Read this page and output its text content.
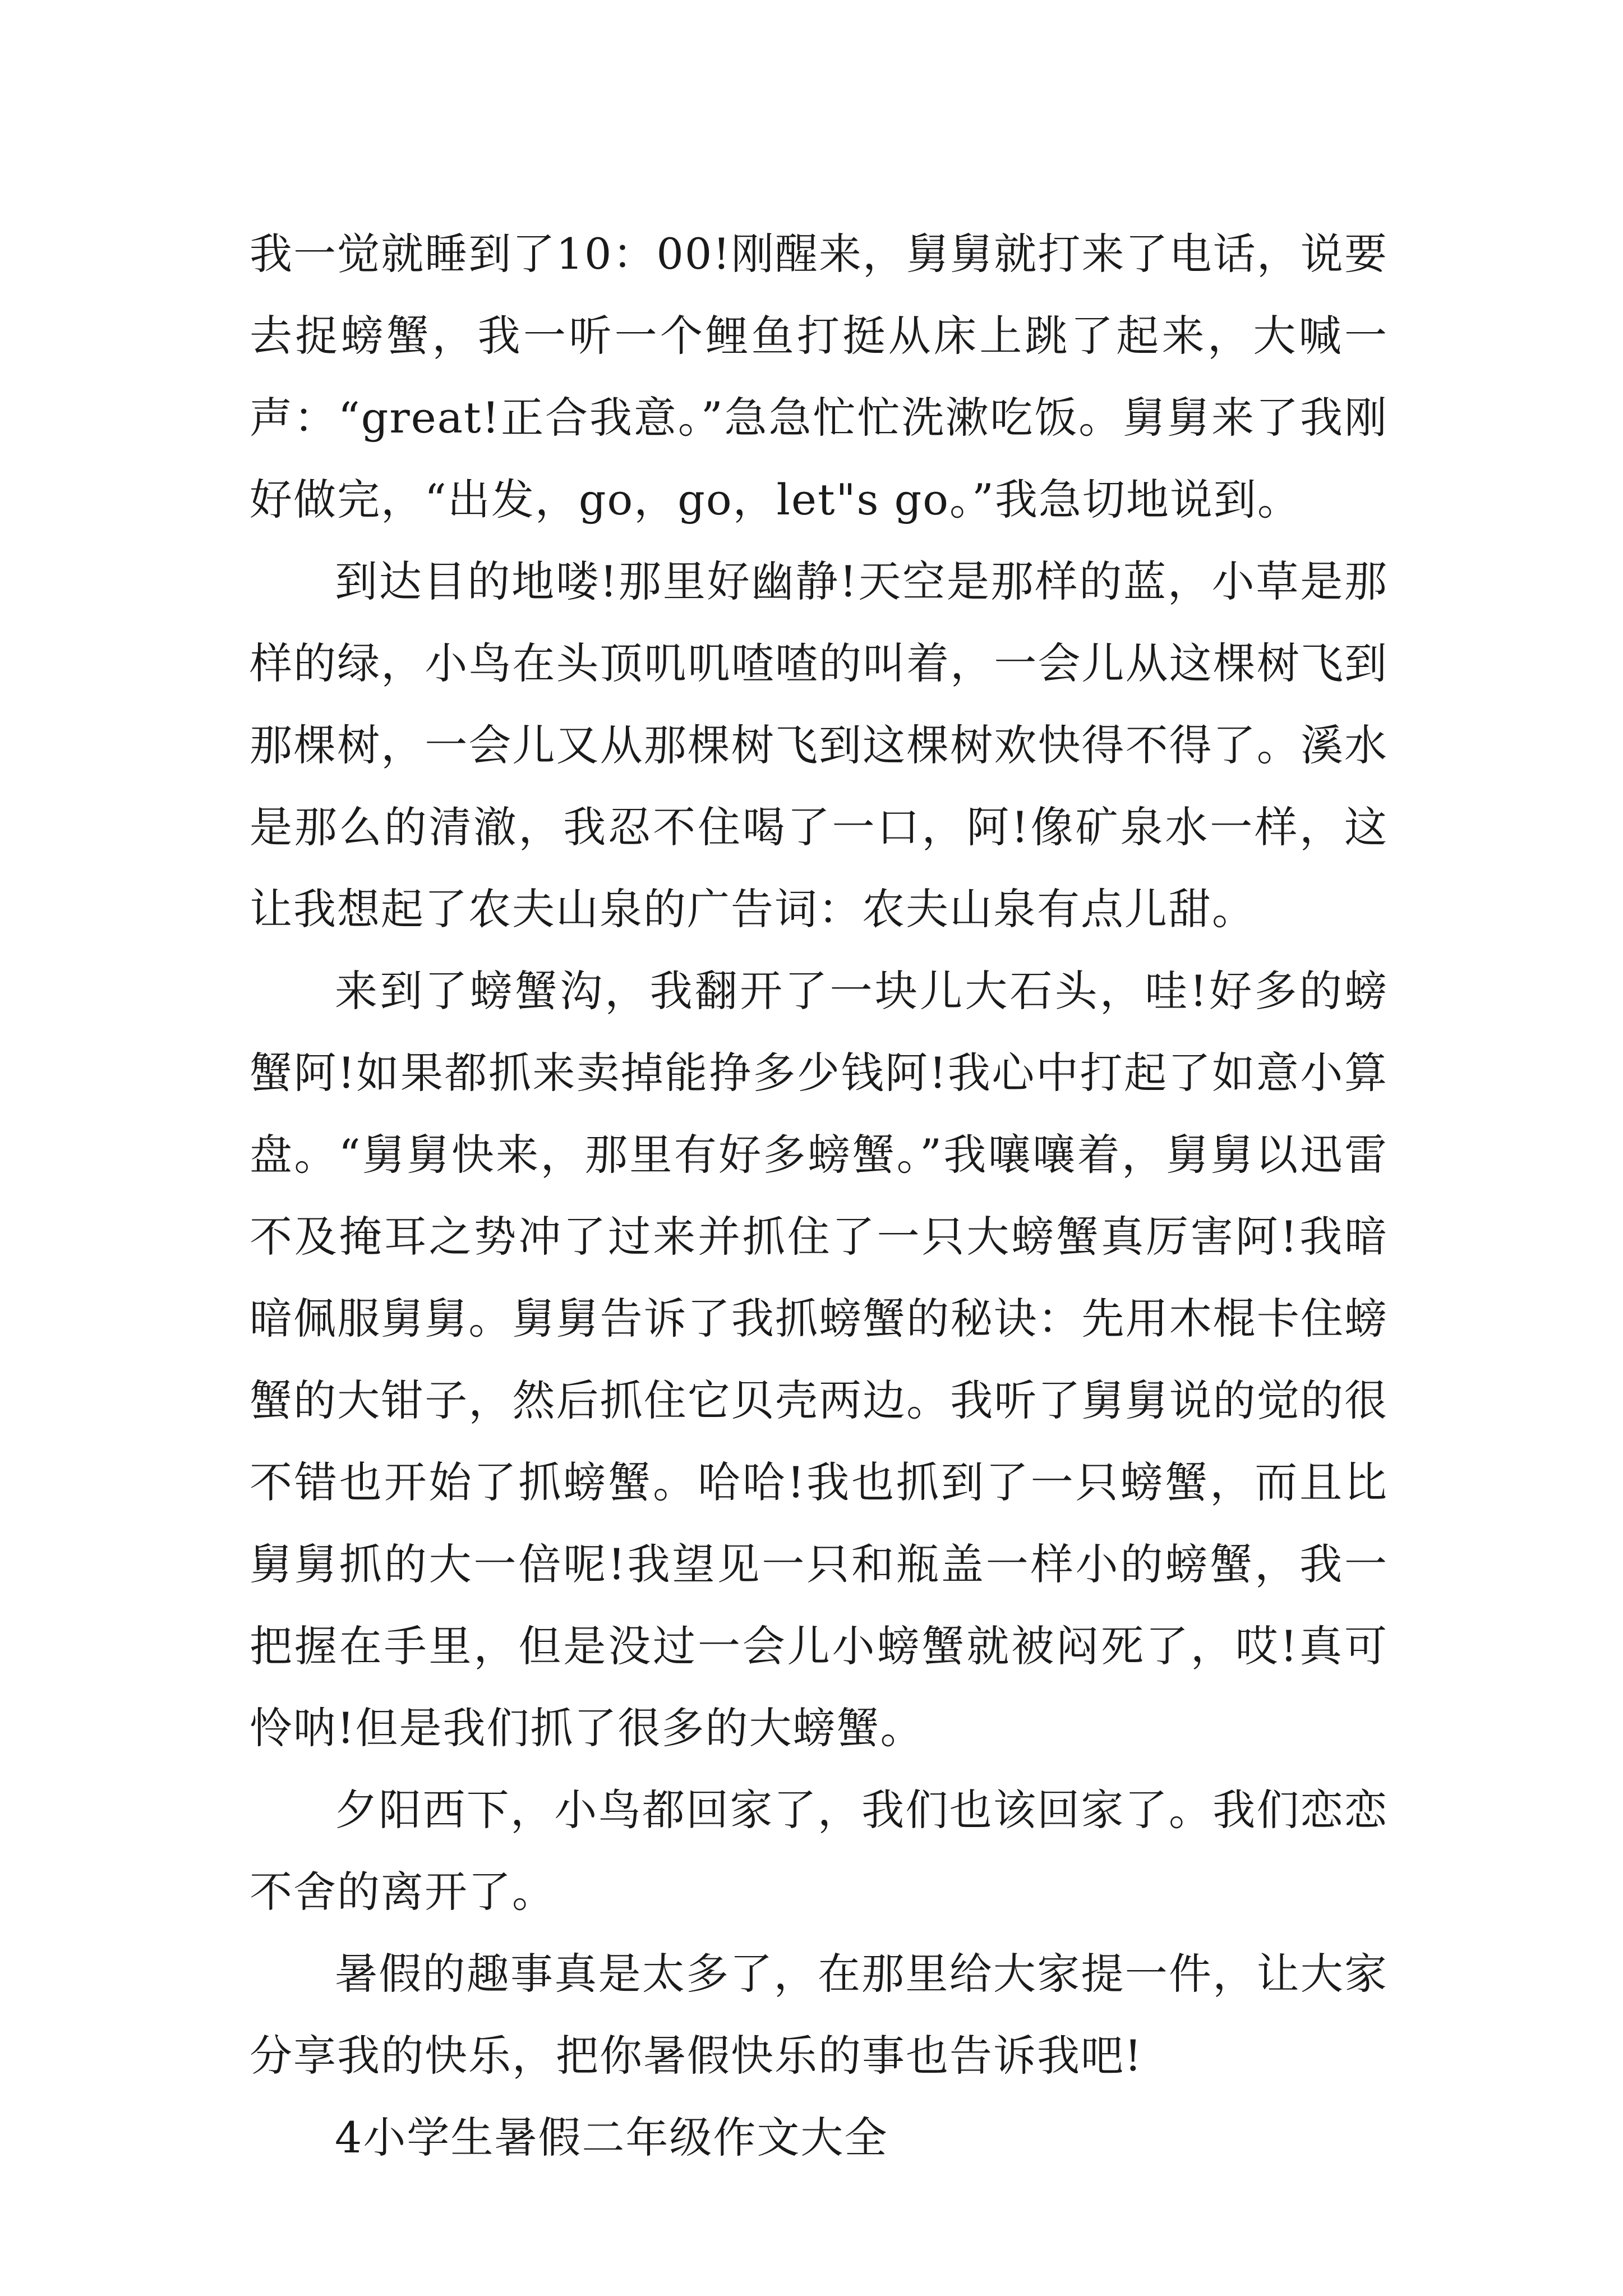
我一觉就睡到了10：00!刚醒来，舅舅就打来了电话，说要去捉螃蟹，我一听一个鲤鱼打挺从床上跳了起来，大喊一声：“great!正合我意。”急急忙忙洗漱吃饭。舅舅来了我刚好做完，“出发，go，go，let"s go。”我急切地说到。

到达目的地喽!那里好幽静!天空是那样的蓝，小草是那样的绿，小鸟在头顶叽叽喳喳的叫着，一会儿从这棵树飞到那棵树，一会儿又从那棵树飞到这棵树欢快得不得了。溪水是那么的清澈，我忍不住喝了一口，阿!像矿泉水一样，这让我想起了农夫山泉的广告词：农夫山泉有点儿甜。

来到了螃蟹沟，我翻开了一块儿大石头，哇!好多的螃蟹阿!如果都抓来卖掉能挣多少钱阿!我心中打起了如意小算盘。“舅舅快来，那里有好多螃蟹。”我嚷嚷着，舅舅以迅雷不及掩耳之势冲了过来并抓住了一只大螃蟹真厉害阿!我暗暗佩服舅舅。舅舅告诉了我抓螃蟹的秘诀：先用木棍卡住螃蟹的大钳子，然后抓住它贝壳两边。我听了舅舅说的觉的很不错也开始了抓螃蟹。哈哈!我也抓到了一只螃蟹，而且比舅舅抓的大一倍呢!我望见一只和瓶盖一样小的螃蟹，我一把握在手里，但是没过一会儿小螃蟹就被闷死了，哎!真可怜呐!但是我们抓了很多的大螃蟹。

夕阳西下，小鸟都回家了，我们也该回家了。我们恋恋不舍的离开了。

暑假的趣事真是太多了，在那里给大家提一件，让大家分享我的快乐，把你暑假快乐的事也告诉我吧!

4小学生暑假二年级作文大全
